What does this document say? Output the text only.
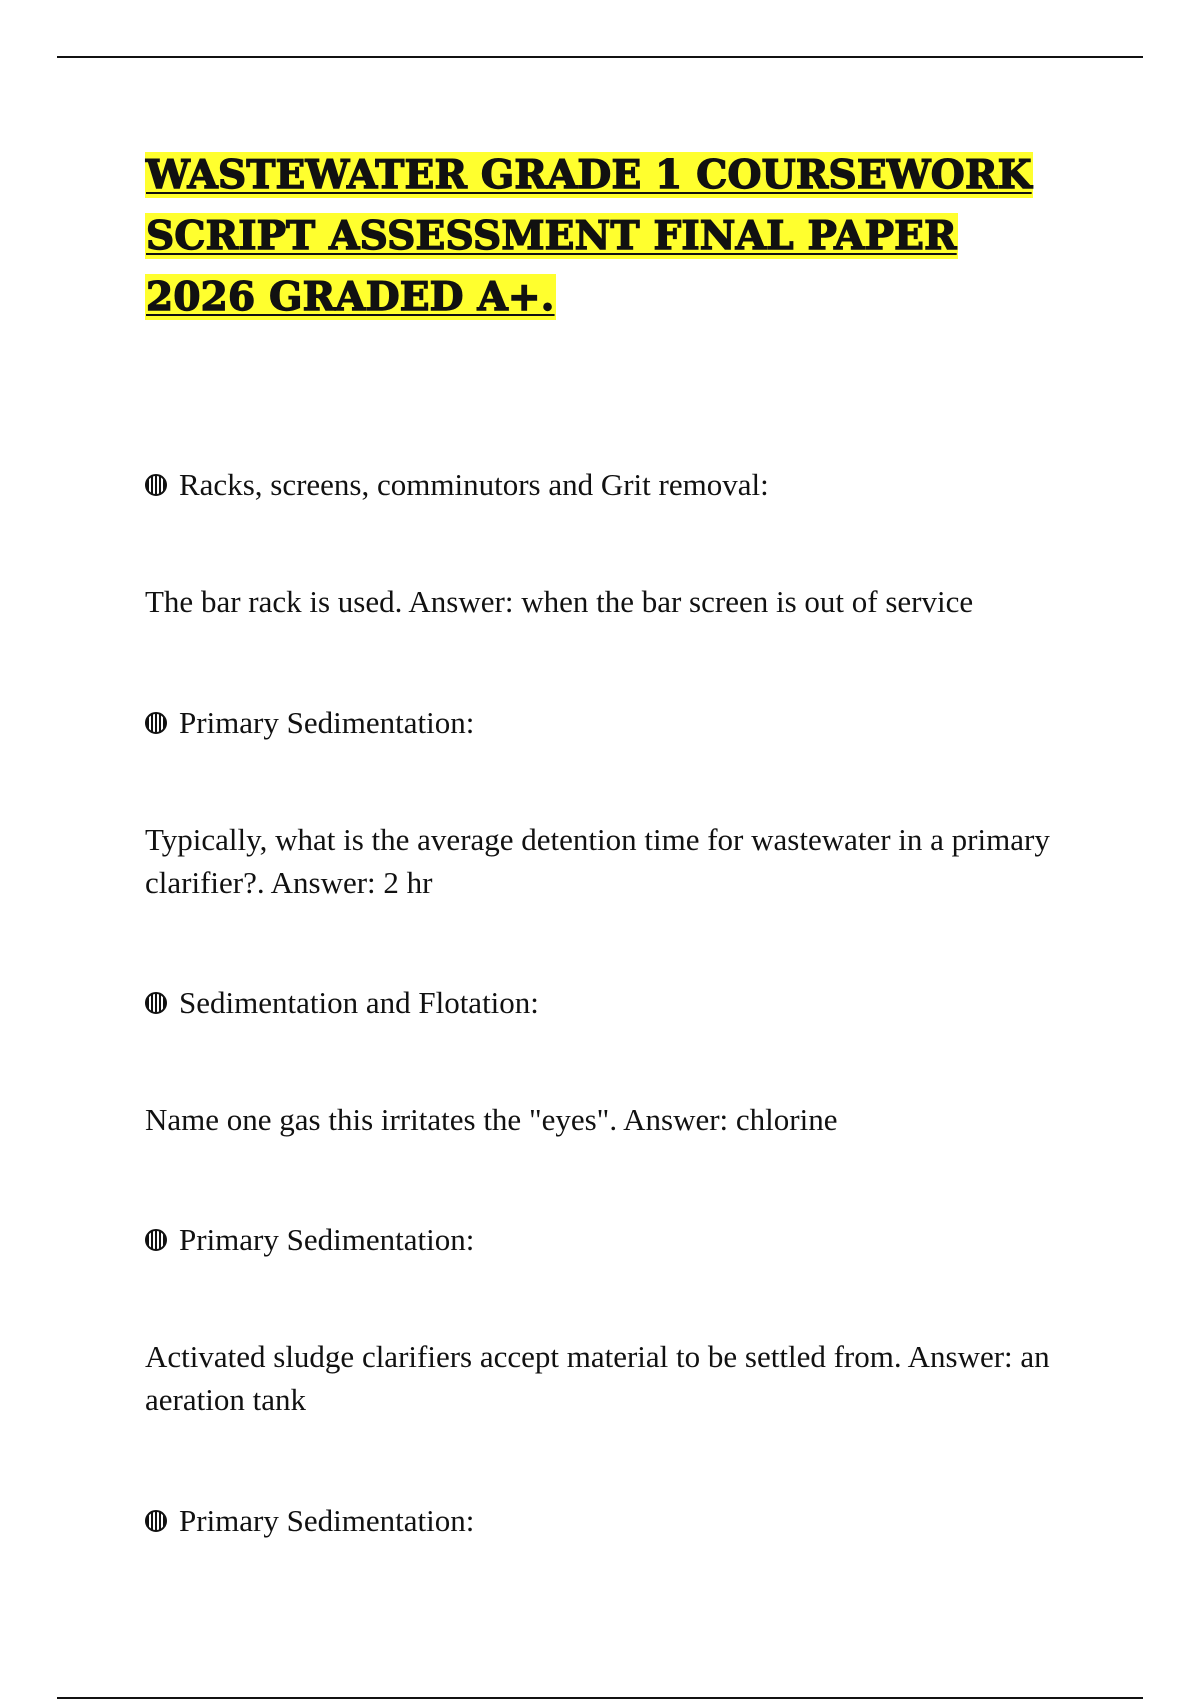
WASTEWATER GRADE 1 COURSEWORK SCRIPT ASSESSMENT FINAL PAPER 2026 GRADED A+.
Racks, screens, comminutors and Grit removal:

The bar rack is used. Answer: when the bar screen is out of service

Primary Sedimentation:

Typically, what is the average detention time for wastewater in a primary clarifier?. Answer: 2 hr

Sedimentation and Flotation:

Name one gas this irritates the "eyes". Answer: chlorine

Primary Sedimentation:

Activated sludge clarifiers accept material to be settled from. Answer: an aeration tank

Primary Sedimentation:
